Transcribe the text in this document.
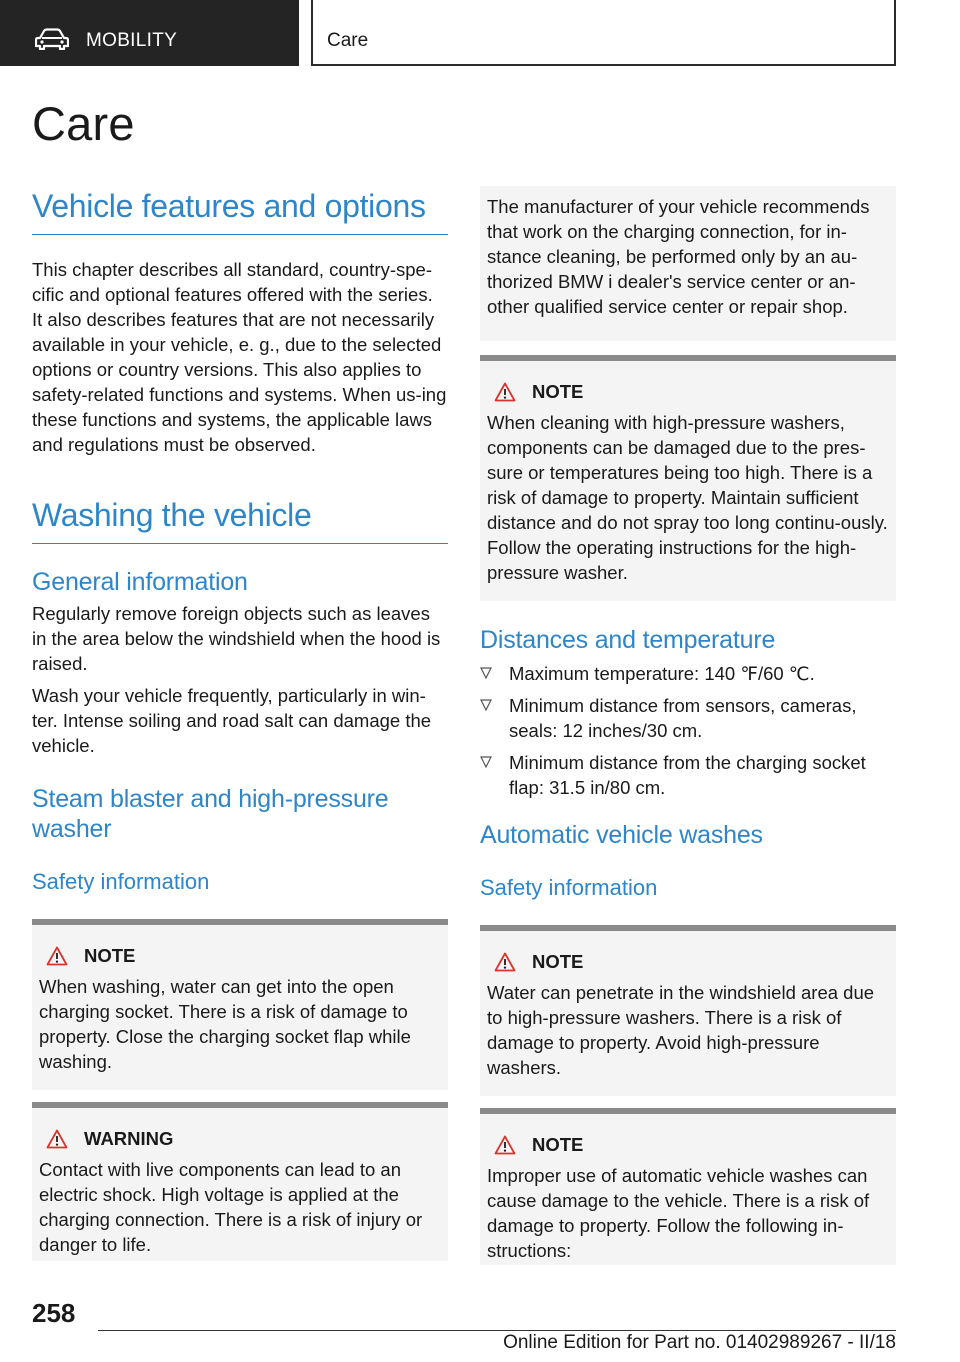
MOBILITY	Care
Care
Vehicle features and options

This chapter describes all standard, country-spe-cific and optional features offered with the series. It also describes features that are not necessarily available in your vehicle, e. g., due to the selected options or country versions. This also applies to safety-related functions and systems. When us-ing these functions and systems, the applicable laws and regulations must be observed.

Washing the vehicle
General information

Regularly remove foreign objects such as leaves in the area below the windshield when the hood is raised.

Wash your vehicle frequently, particularly in win-ter. Intense soiling and road salt can damage the vehicle.

Steam blaster and high-pressure washer
Safety information
NOTE
When washing, water can get into the open charging socket. There is a risk of damage to property. Close the charging socket flap while washing.
WARNING
Contact with live components can lead to an electric shock. High voltage is applied at the charging connection. There is a risk of injury or danger to life.
The manufacturer of your vehicle recommends that work on the charging connection, for in-stance cleaning, be performed only by an au-thorized BMW i dealer's service center or an-other qualified service center or repair shop.
NOTE
When cleaning with high-pressure washers, components can be damaged due to the pres-sure or temperatures being too high. There is a risk of damage to property. Maintain sufficient distance and do not spray too long continu-ously. Follow the operating instructions for the high-pressure washer.
Distances and temperature
Maximum temperature: 140 ℉/60 ℃.
Minimum distance from sensors, cameras, seals: 12 inches/30 cm.
Minimum distance from the charging socket flap: 31.5 in/80 cm.
Automatic vehicle washes
Safety information
NOTE
Water can penetrate in the windshield area due to high-pressure washers. There is a risk of damage to property. Avoid high-pressure washers.
NOTE
Improper use of automatic vehicle washes can cause damage to the vehicle. There is a risk of damage to property. Follow the following in-structions:
258
Online Edition for Part no. 01402989267 - II/18
